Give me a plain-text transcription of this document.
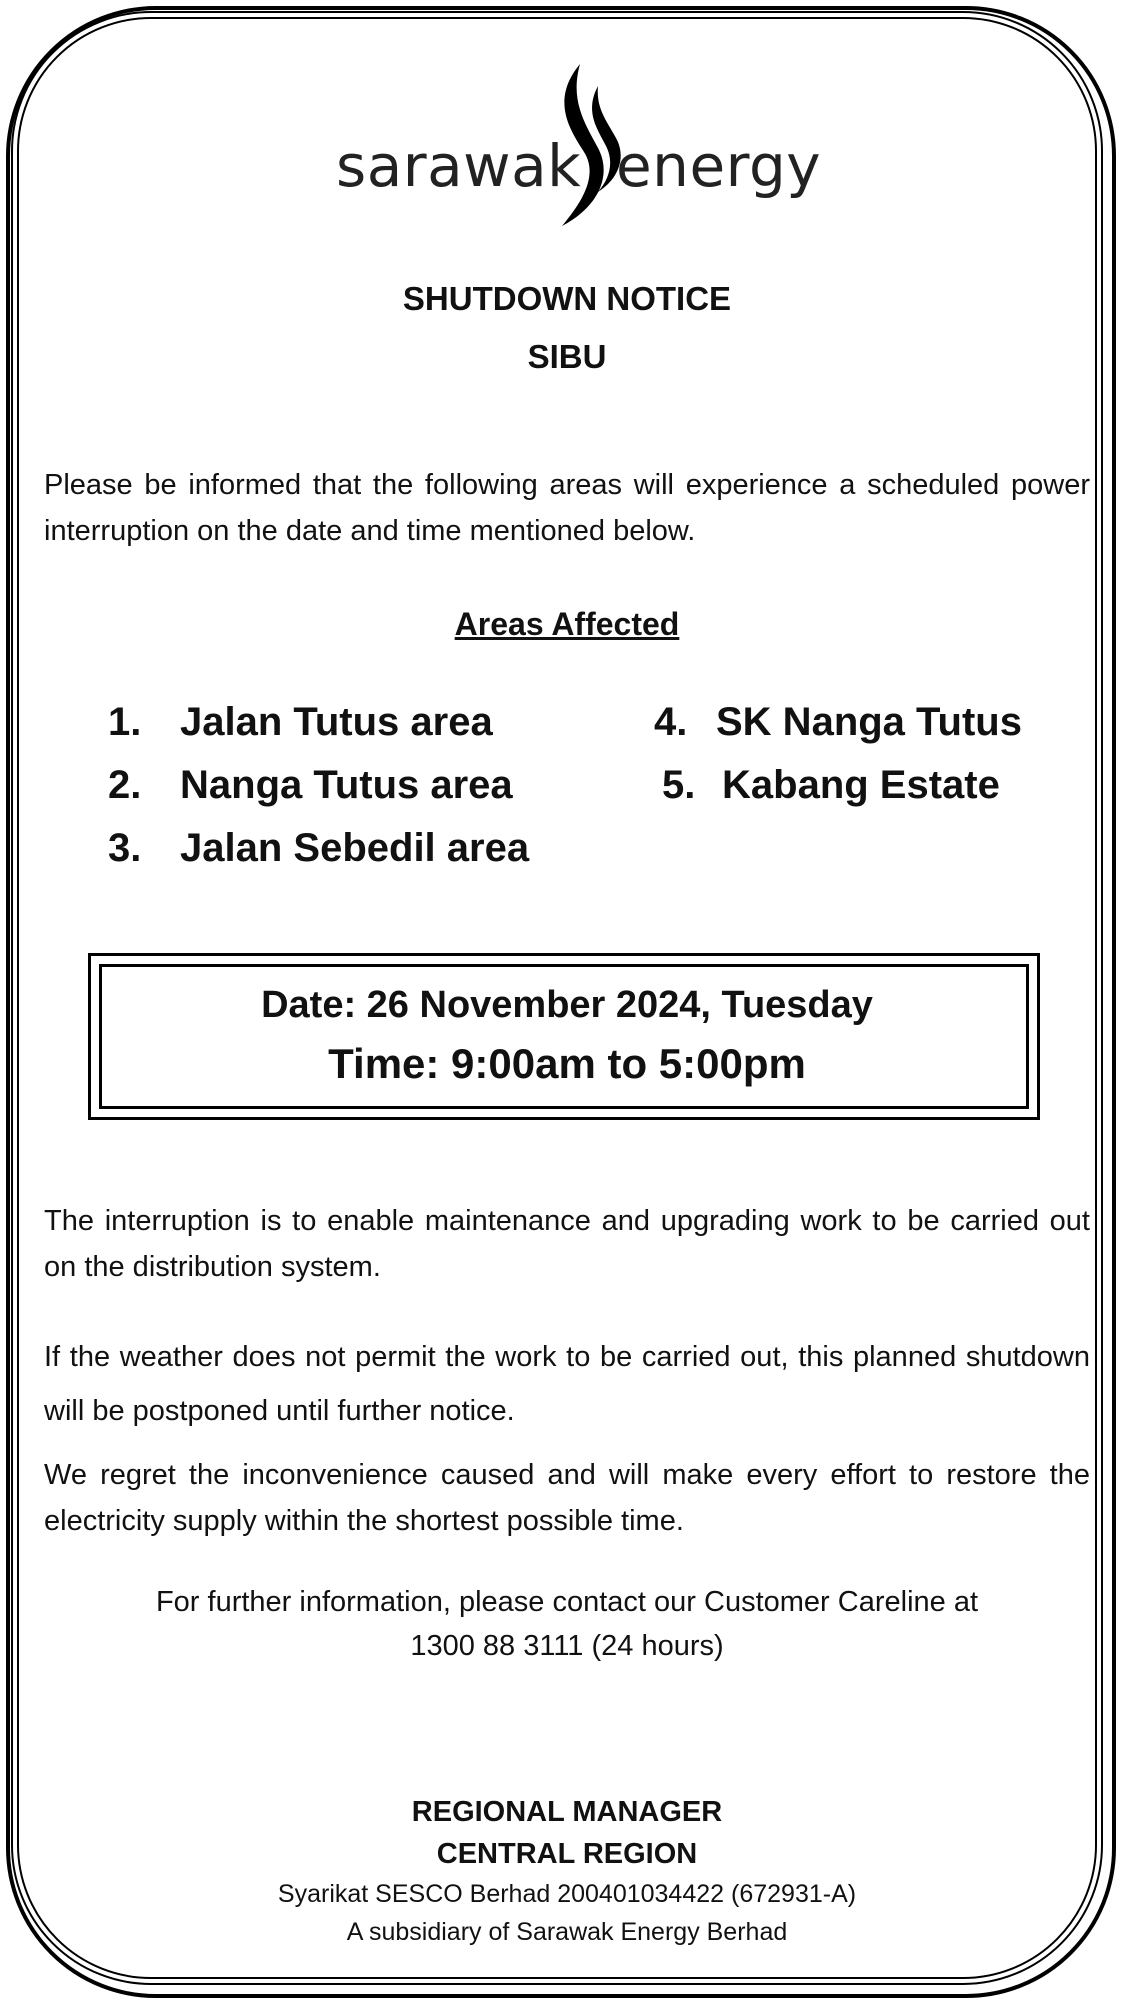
sarawak energy
SHUTDOWN NOTICE
SIBU
Please be informed that the following areas will experience a scheduled power interruption on the date and time mentioned below.
Areas Affected
1. Jalan Tutus area
2. Nanga Tutus area
3. Jalan Sebedil area
4. SK Nanga Tutus
5. Kabang Estate
Date: 26 November 2024, Tuesday
Time: 9:00am to 5:00pm
The interruption is to enable maintenance and upgrading work to be carried out on the distribution system.
If the weather does not permit the work to be carried out, this planned shutdown will be postponed until further notice.
We regret the inconvenience caused and will make every effort to restore the electricity supply within the shortest possible time.
For further information, please contact our Customer Careline at
1300 88 3111 (24 hours)
REGIONAL MANAGER
CENTRAL REGION
Syarikat SESCO Berhad 200401034422 (672931-A)
A subsidiary of Sarawak Energy Berhad
